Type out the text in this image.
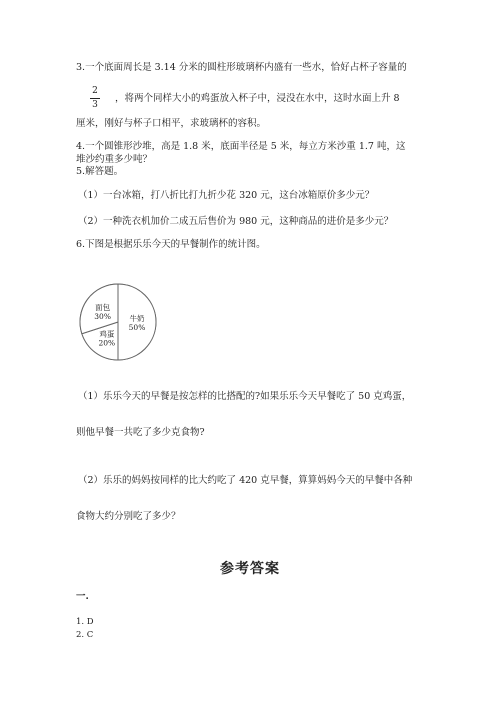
3.一个底面周长是 3.14 分米的圆柱形玻璃杯内盛有一些水，恰好占杯子容量的
2
3
，将两个同样大小的鸡蛋放入杯子中，浸没在水中，这时水面上升 8
厘米，刚好与杯子口相平，求玻璃杯的容积。
4.一个圆锥形沙堆，高是 1.8 米，底面半径是 5 米，每立方米沙重 1.7 吨，这
堆沙约重多少吨？
5.解答题。
（1）一台冰箱，打八折比打九折少花 320 元，这台冰箱原价多少元？
（2）一种洗衣机加价二成五后售价为 980 元，这种商品的进价是多少元？
6.下图是根据乐乐今天的早餐制作的统计图。
牛奶
50%
鸡蛋
20%
面包
30%
（1）乐乐今天的早餐是按怎样的比搭配的?如果乐乐今天早餐吃了 50 克鸡蛋，
则他早餐一共吃了多少克食物?
（2）乐乐的妈妈按同样的比大约吃了 420 克早餐，算算妈妈今天的早餐中各种
食物大约分别吃了多少？
参考答案
一.
1. D
2. C
